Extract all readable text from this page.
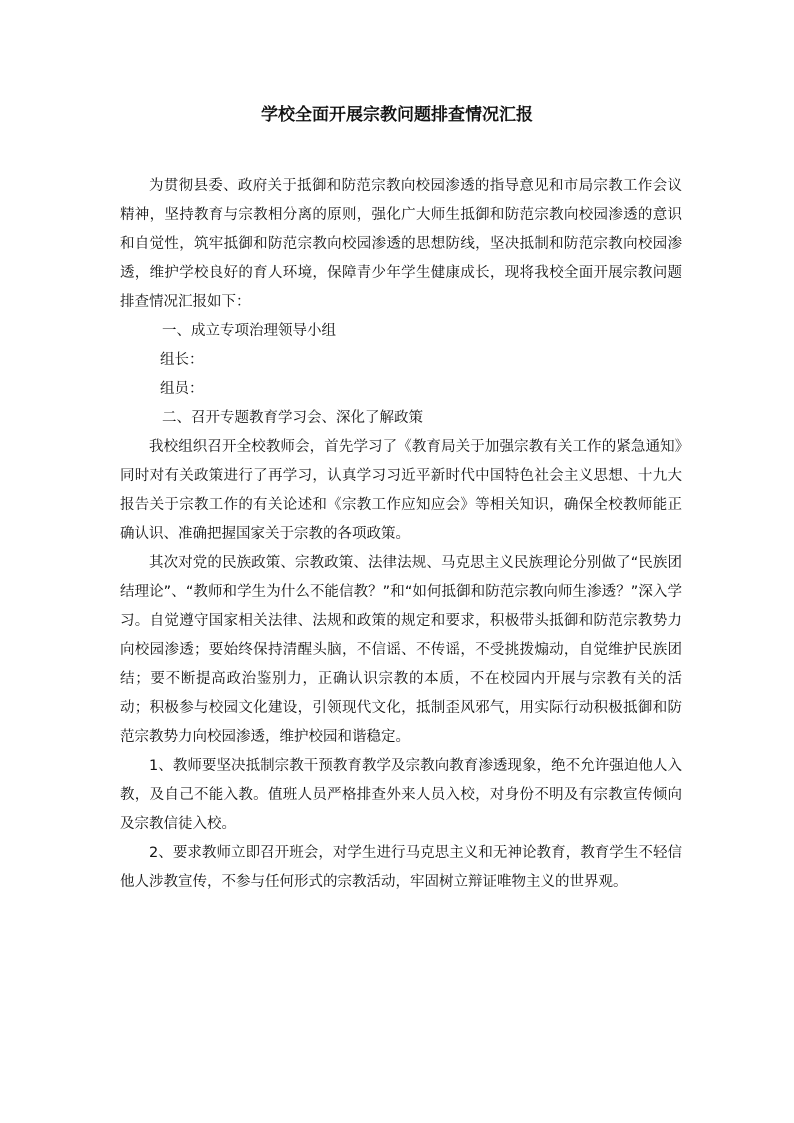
学校全面开展宗教问题排查情况汇报

为贯彻县委、政府关于抵御和防范宗教向校园渗透的指导意见和市局宗教工作会议精神，坚持教育与宗教相分离的原则，强化广大师生抵御和防范宗教向校园渗透的意识和自觉性，筑牢抵御和防范宗教向校园渗透的思想防线，坚决抵制和防范宗教向校园渗透，维护学校良好的育人环境，保障青少年学生健康成长，现将我校全面开展宗教问题排查情况汇报如下：

一、成立专项治理领导小组

组长：

组员：

二、召开专题教育学习会、深化了解政策

我校组织召开全校教师会，首先学习了《教育局关于加强宗教有关工作的紧急通知》同时对有关政策进行了再学习，认真学习习近平新时代中国特色社会主义思想、十九大报告关于宗教工作的有关论述和《宗教工作应知应会》等相关知识，确保全校教师能正确认识、准确把握国家关于宗教的各项政策。

其次对党的民族政策、宗教政策、法律法规、马克思主义民族理论分别做了“民族团结理论”、“教师和学生为什么不能信教？”和“如何抵御和防范宗教向师生渗透？”深入学习。自觉遵守国家相关法律、法规和政策的规定和要求，积极带头抵御和防范宗教势力向校园渗透；要始终保持清醒头脑，不信谣、不传谣，不受挑拨煽动，自觉维护民族团结；要不断提高政治鉴别力，正确认识宗教的本质，不在校园内开展与宗教有关的活动；积极参与校园文化建设，引领现代文化，抵制歪风邪气，用实际行动积极抵御和防范宗教势力向校园渗透，维护校园和谐稳定。

1、教师要坚决抵制宗教干预教育教学及宗教向教育渗透现象，绝不允许强迫他人入教，及自己不能入教。值班人员严格排查外来人员入校，对身份不明及有宗教宣传倾向及宗教信徒入校。

2、要求教师立即召开班会，对学生进行马克思主义和无神论教育，教育学生不轻信他人涉教宣传，不参与任何形式的宗教活动，牢固树立辩证唯物主义的世界观。
